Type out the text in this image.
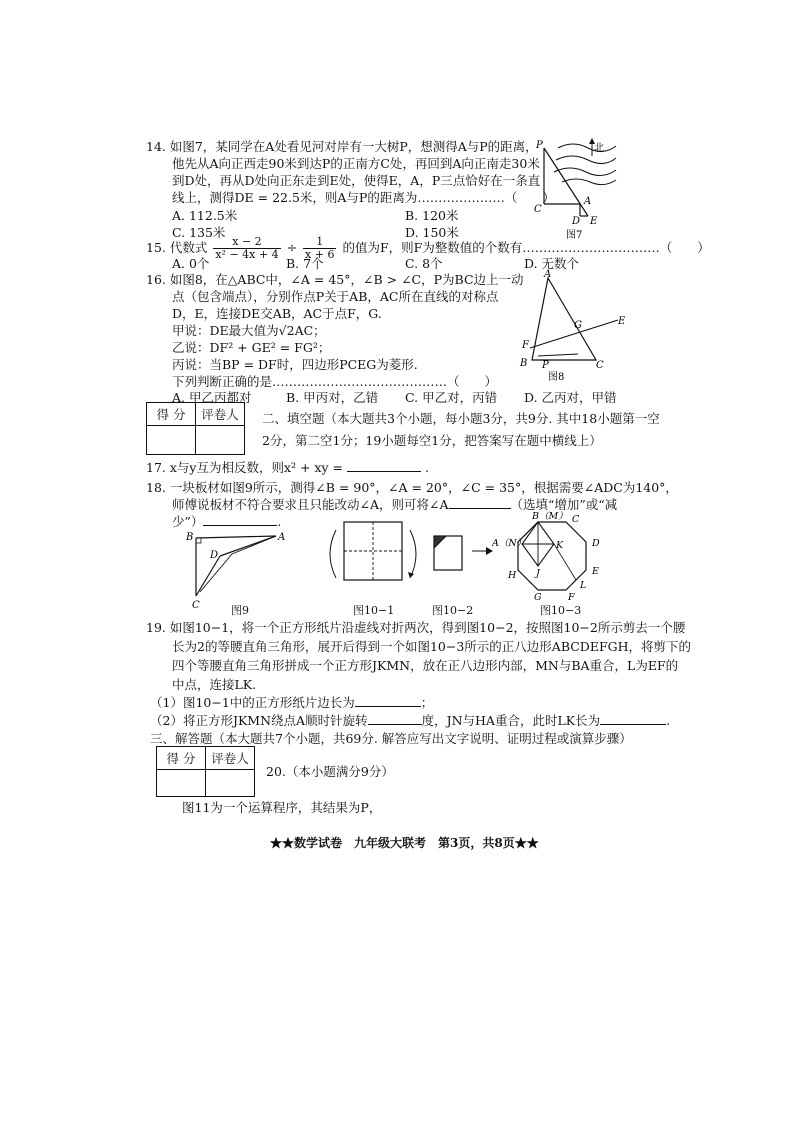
14. 如图7，某同学在A处看见河对岸有一大树P，想测得A与P的距离，
他先从A向正西走90米到达P的正南方C处，再回到A向正南走30米
到D处，再从D处向正东走到E处，使得E，A，P三点恰好在一条直
线上，测得DE = 22.5米，则A与P的距离为…………………（　　）
A. 112.5米	B. 120米
C. 135米	D. 150米
北
P
C
A
D E
图7
15. 代数式 $\frac{x - 2}{\text{x² − 4x + 4}} \div \frac{1}{x + 6}$ 的值为F，则F为整数值的个数有……………………………（　　）
A. 0个	B. 7个	C. 8个	D. 无数个
16. 如图8，在△ABC中，∠A = 45°，∠B > ∠C，P为BC边上一动
点（包含端点），分别作点P关于AB，AC所在直线的对称点
D，E，连接DE交AB，AC于点F，G.
甲说：DE最大值为√2AC；
乙说：DF² + GE² = FG²；
丙说：当BP = DF时，四边形PCEG为菱形.
下列判断正确的是……………………………………（　　）
A. 甲乙丙都对	B. 甲丙对，乙错 C. 甲乙对，丙错 D. 乙丙对，甲错
A
G	E
F
B P	C
图8
得 分	评卷人
	二、填空题（本大题共3个小题，每小题3分，共9分. 其中18小题第一空
2分，第二空1分；19小题每空1分，把答案写在题中横线上）
17. x与y互为相反数，则x² + xy =	.
18. 一块板材如图9所示，测得∠B = 90°，∠A = 20°，∠C = 35°，根据需要∠ADC为140°，
师傅说板材不符合要求且只能改动∠A，则可将∠A	（选填“增加”或“减
少”）	.
B	A
D
C	图9	图10−1	图10−2
B（M） C
D
E
F
G
H
A（N）	K
J
L
图10−3
19. 如图10−1，将一个正方形纸片沿虚线对折两次，得到图10−2，按照图10−2所示剪去一个腰
长为2的等腰直角三角形，展开后得到一个如图10−3所示的正八边形ABCDEFGH，将剪下的
四个等腰直角三角形拼成一个正方形JKMN，放在正八边形内部，MN与BA重合，L为EF的
中点，连接LK.
（1）图10−1中的正方形纸片边长为	；
（2）将正方形JKMN绕点A顺时针旋转	度，JN与HA重合，此时LK长为	.
三、解答题（本大题共7个小题，共69分. 解答应写出文字说明、证明过程或演算步骤）
得 分	评卷人

20.（本小题满分9分）
图11为一个运算程序，其结果为P，
★★数学试卷　九年级大联考　第3页，共8页★★
